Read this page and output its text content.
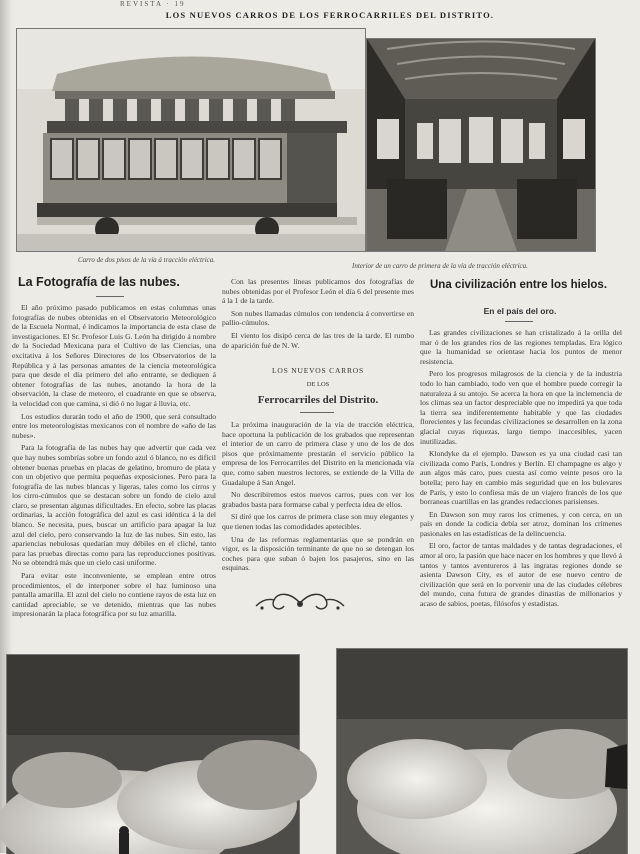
REVISTA · 19
LOS NUEVOS CARROS DE LOS FERROCARRILES DEL DISTRITO.
Carro de dos pisos de la vía á tracción eléctrica.
Interior de un carro de primera de la vía de tracción eléctrica.
La Fotografía de las nubes.

El año próximo pasado publicamos en estas columnas unas fotografías de nubes obtenidas en el Observatorio Meteorológico de la Escuela Normal, é indicamos la importancia de esta clase de investigaciones. El Sr. Profesor Luis G. León ha dirigido á nombre de la Sociedad Mexicana para el Cultivo de las Ciencias, una excitativa á los Señores Directores de los Observatorios de la República y á las personas amantes de la ciencia meteorológica para que desde el día primero del año entrante, se dediquen á obtener fotografías de las nubes, anotando la hora de la observación, la clase de meteoro, el cuadrante en que se observa, la velocidad con que camina, si dió ó no lugar á lluvia, etc.

Los estudios durarán todo el año de 1900, que será consultado entre los meteorologistas mexicanos con el nombre de «año de las nubes».

Para la fotografía de las nubes hay que advertir que cada vez que hay nubes sombrías sobre un fondo azul ó blanco, no es difícil obtener buenas pruebas en placas de gelatino, bromuro de plata y con un objetivo que permita pequeñas exposiciones. Pero para la fotografía de las nubes blancas y ligeras, tales como los cirros y los cirro-cúmulos que se destacan sobre un fondo de cielo azul claro, se presentan algunas dificultades. En efecto, sobre las placas ordinarias, la acción fotográfica del azul es casi idéntica á la del blanco. Se necesita, pues, buscar un artificio para apagar la luz azul del cielo, pero conservando la luz de las nubes. Sin esto, las apariencias nebulosas quedarían muy débiles en el cliché, tanto para las pruebas directas como para las reproducciones positivas. No se obtendrá más que un cielo casi uniforme.

Para evitar este inconveniente, se emplean entre otros procedimientos, el de interponer sobre el haz luminoso una pantalla amarilla. El azul del cielo no contiene rayos de esta luz en cantidad apreciable, se ve detenido, mientras que las nubes impresionarán la placa fotográfica por su luz amarilla.

Con las presentes líneas publicamos dos fotografías de nubes obtenidas por el Profesor León el día 6 del presente mes á la 1 de la tarde.

Son nubes llamadas cúmulos con tendencia á convertirse en pallio-cúmulos.

El viento los disipó cerca de las tres de la tarde. El rumbo de aparición fué de N. W.

LOS NUEVOS CARROS
DE LOS
Ferrocarriles del Distrito.

La próxima inauguración de la vía de tracción eléctrica, hace oportuna la publicación de los grabados que representan el interior de un carro de primera clase y uno de los de dos pisos que próximamente prestarán el servicio público la empresa de los Ferrocarriles del Distrito en la mencionada vía que, como saben nuestros lectores, se extiende de la Villa de Guadalupe á San Angel.

No describiremos estos nuevos carros, pues con ver los grabados basta para formarse cabal y perfecta idea de ellos.

Sí diré que los carros de primera clase son muy elegantes y que tienen todas las comodidades apetecibles.

Una de las reformas reglamentarias que se pondrán en vigor, es la disposición terminante de que no se detengan los coches para que suban ó bajen los pasajeros, sino en las esquinas.

Una civilización entre los hielos.
En el país del oro.

Las grandes civilizaciones se han cristalizado á la orilla del mar ó de los grandes ríos de las regiones templadas. Era lógico que la humanidad se orientase hacia los puntos de menor resistencia.

Pero los progresos milagrosos de la ciencia y de la industria todo lo han cambiado, todo ven que el hombre puede corregir la naturaleza á su antojo. Se acerca la hora en que la inclemencia de los climas sea un factor despreciable que no impedirá ya que toda la tierra sea indiferentemente habitable y que las ciudades florecientes y las fecundas civilizaciones se desarrollen en la zona glacial cuyas riquezas, largo tiempo inaccesibles, yacen inutilizadas.

Klondyke da el ejemplo. Dawson es ya una ciudad casi tan civilizada como París, Londres y Berlín. El champagne es algo y aun algos más caro, pues cuesta así como veinte pesos oro la botella; pero hay en cambio más seguridad que en los bulevares de París, y esto lo confiesa más de un viajero francés de los que borraneas cuartillas en las grandes redacciones parisienses.

En Dawson son muy raros los crímenes, y con cerca, en un país en donde la codicia debía ser atroz, dominan los crímenes pasionales en las estadísticas de la delincuencia.

El oro, factor de tantas maldades y de tantas degradaciones, el amor al oro, la pasión que hace nacer en los hombres y que llevó á tantos y tantos aventureros á las ingratas regiones donde se asienta Dawson City, es el autor de ese nuevo centro de civilización que será en lo porvenir una de las ciudades célebres del mundo, cuna futura de grandes dinastías de millonarios y acaso de sabios, poetas, filósofos y estadistas.
